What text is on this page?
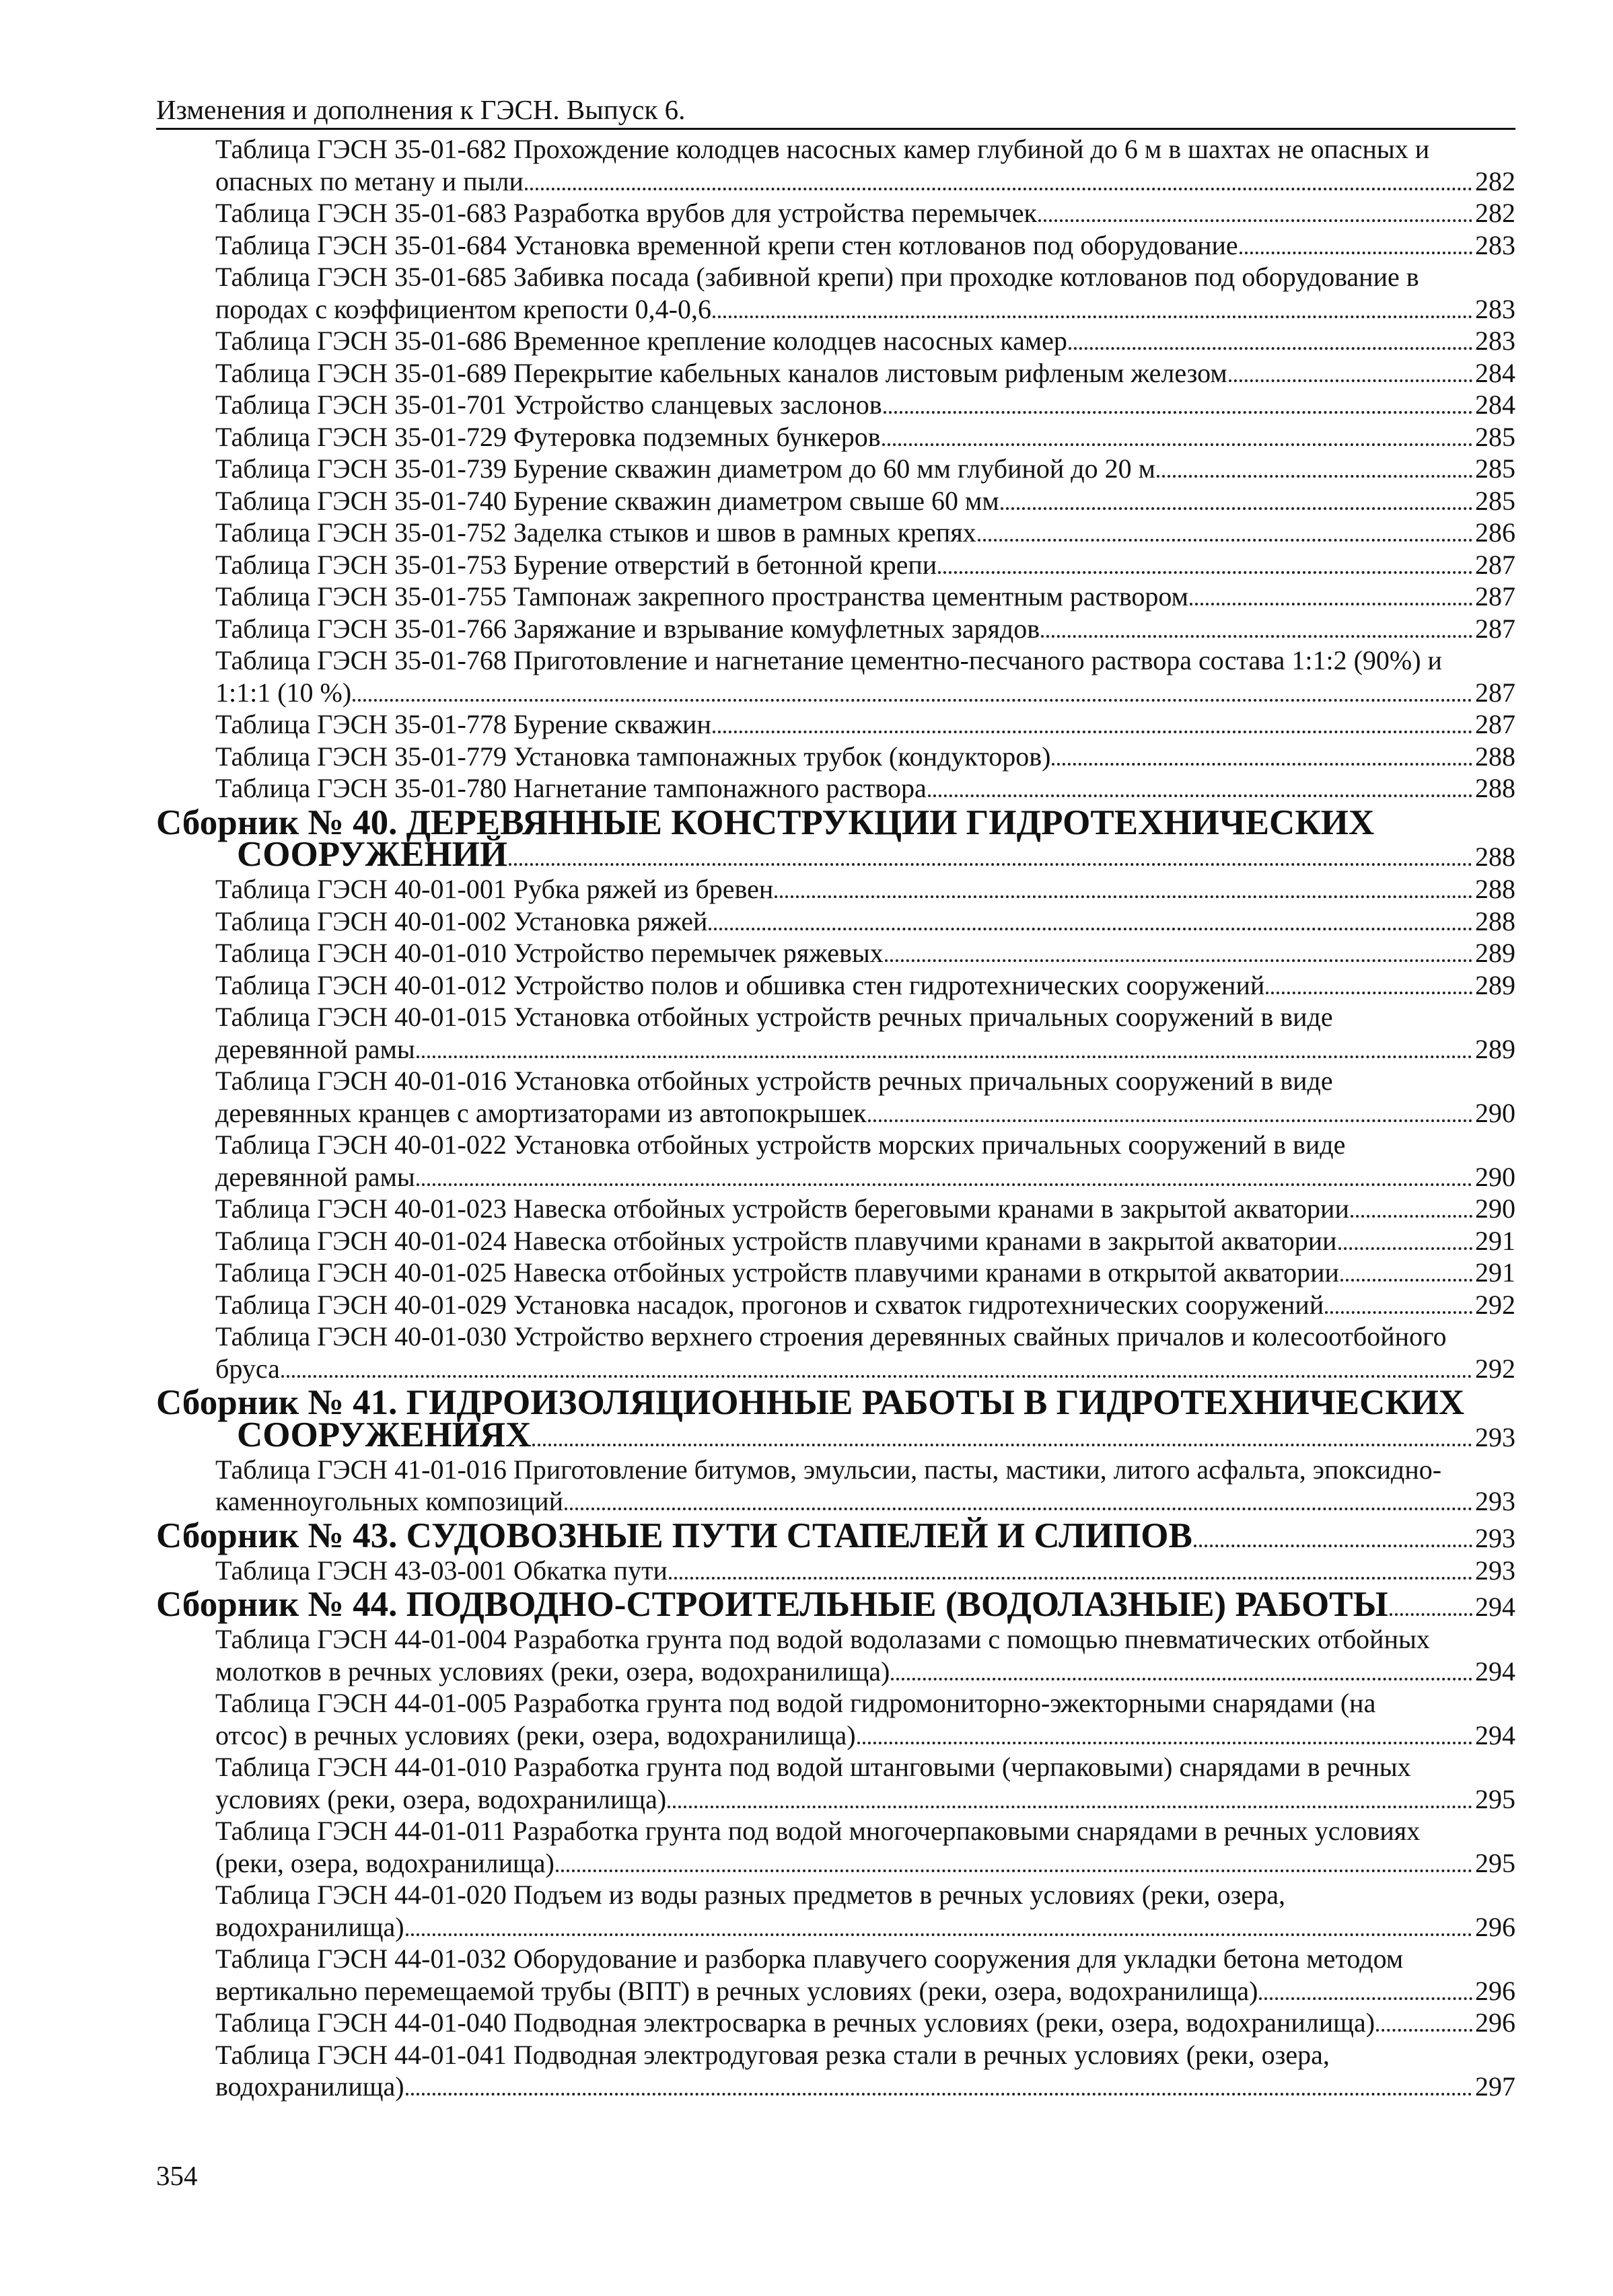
Изменения и дополнения к ГЭСН. Выпуск 6.
Таблица ГЭСН 35-01-682 Прохождение колодцев насосных камер глубиной до 6 м в шахтах не опасных и
опасных по метану и пыли	282
Таблица ГЭСН 35-01-683 Разработка врубов для устройства перемычек	282
Таблица ГЭСН 35-01-684 Установка временной крепи стен котлованов под оборудование	283
Таблица ГЭСН 35-01-685 Забивка посада (забивной крепи) при проходке котлованов под оборудование в
породах с коэффициентом крепости 0,4-0,6	283
Таблица ГЭСН 35-01-686 Временное крепление колодцев насосных камер	283
Таблица ГЭСН 35-01-689 Перекрытие кабельных каналов листовым рифленым железом	284
Таблица ГЭСН 35-01-701 Устройство сланцевых заслонов	284
Таблица ГЭСН 35-01-729 Футеровка подземных бункеров	285
Таблица ГЭСН 35-01-739 Бурение скважин диаметром до 60 мм глубиной до 20 м	285
Таблица ГЭСН 35-01-740 Бурение скважин диаметром свыше 60 мм	285
Таблица ГЭСН 35-01-752 Заделка стыков и швов в рамных крепях	286
Таблица ГЭСН 35-01-753 Бурение отверстий в бетонной крепи	287
Таблица ГЭСН 35-01-755 Тампонаж закрепного пространства цементным раствором	287
Таблица ГЭСН 35-01-766 Заряжание и взрывание комуфлетных зарядов	287
Таблица ГЭСН 35-01-768 Приготовление и нагнетание цементно-песчаного раствора состава 1:1:2 (90%) и
1:1:1 (10 %)	287
Таблица ГЭСН 35-01-778 Бурение скважин	287
Таблица ГЭСН 35-01-779 Установка тампонажных трубок (кондукторов)	288
Таблица ГЭСН 35-01-780 Нагнетание тампонажного раствора	288
Сборник № 40. ДЕРЕВЯННЫЕ КОНСТРУКЦИИ ГИДРОТЕХНИЧЕСКИХ
СООРУЖЕНИЙ	288
Таблица ГЭСН 40-01-001 Рубка ряжей из бревен	288
Таблица ГЭСН 40-01-002 Установка ряжей	288
Таблица ГЭСН 40-01-010 Устройство перемычек ряжевых	289
Таблица ГЭСН 40-01-012 Устройство полов и обшивка стен гидротехнических сооружений	289
Таблица ГЭСН 40-01-015 Установка отбойных устройств речных причальных сооружений в виде
деревянной рамы	289
Таблица ГЭСН 40-01-016 Установка отбойных устройств речных причальных сооружений в виде
деревянных кранцев с амортизаторами из автопокрышек	290
Таблица ГЭСН 40-01-022 Установка отбойных устройств морских причальных сооружений в виде
деревянной рамы	290
Таблица ГЭСН 40-01-023 Навеска отбойных устройств береговыми кранами в закрытой акватории	290
Таблица ГЭСН 40-01-024 Навеска отбойных устройств плавучими кранами в закрытой акватории	291
Таблица ГЭСН 40-01-025 Навеска отбойных устройств плавучими кранами в открытой акватории	291
Таблица ГЭСН 40-01-029 Установка насадок, прогонов и схваток гидротехнических сооружений	292
Таблица ГЭСН 40-01-030 Устройство верхнего строения деревянных свайных причалов и колесоотбойного
бруса	292
Сборник № 41. ГИДРОИЗОЛЯЦИОННЫЕ РАБОТЫ В ГИДРОТЕХНИЧЕСКИХ
СООРУЖЕНИЯХ	293
Таблица ГЭСН 41-01-016 Приготовление битумов, эмульсии, пасты, мастики, литого асфальта, эпоксидно-
каменноугольных композиций	293
Сборник № 43. СУДОВОЗНЫЕ ПУТИ СТАПЕЛЕЙ И СЛИПОВ	293
Таблица ГЭСН 43-03-001 Обкатка пути	293
Сборник № 44. ПОДВОДНО-СТРОИТЕЛЬНЫЕ (ВОДОЛАЗНЫЕ) РАБОТЫ	294
Таблица ГЭСН 44-01-004 Разработка грунта под водой водолазами с помощью пневматических отбойных
молотков в речных условиях (реки, озера, водохранилища)	294
Таблица ГЭСН 44-01-005 Разработка грунта под водой гидромониторно-эжекторными снарядами (на
отсос) в речных условиях (реки, озера, водохранилища)	294
Таблица ГЭСН 44-01-010 Разработка грунта под водой штанговыми (черпаковыми) снарядами в речных
условиях (реки, озера, водохранилища)	295
Таблица ГЭСН 44-01-011 Разработка грунта под водой многочерпаковыми снарядами в речных условиях
(реки, озера, водохранилища)	295
Таблица ГЭСН 44-01-020 Подъем из воды разных предметов в речных условиях (реки, озера,
водохранилища)	296
Таблица ГЭСН 44-01-032 Оборудование и разборка плавучего сооружения для укладки бетона методом
вертикально перемещаемой трубы (ВПТ) в речных условиях (реки, озера, водохранилища)	296
Таблица ГЭСН 44-01-040 Подводная электросварка в речных условиях (реки, озера, водохранилища)	296
Таблица ГЭСН 44-01-041 Подводная электродуговая резка стали в речных условиях (реки, озера,
водохранилища)	297
354
